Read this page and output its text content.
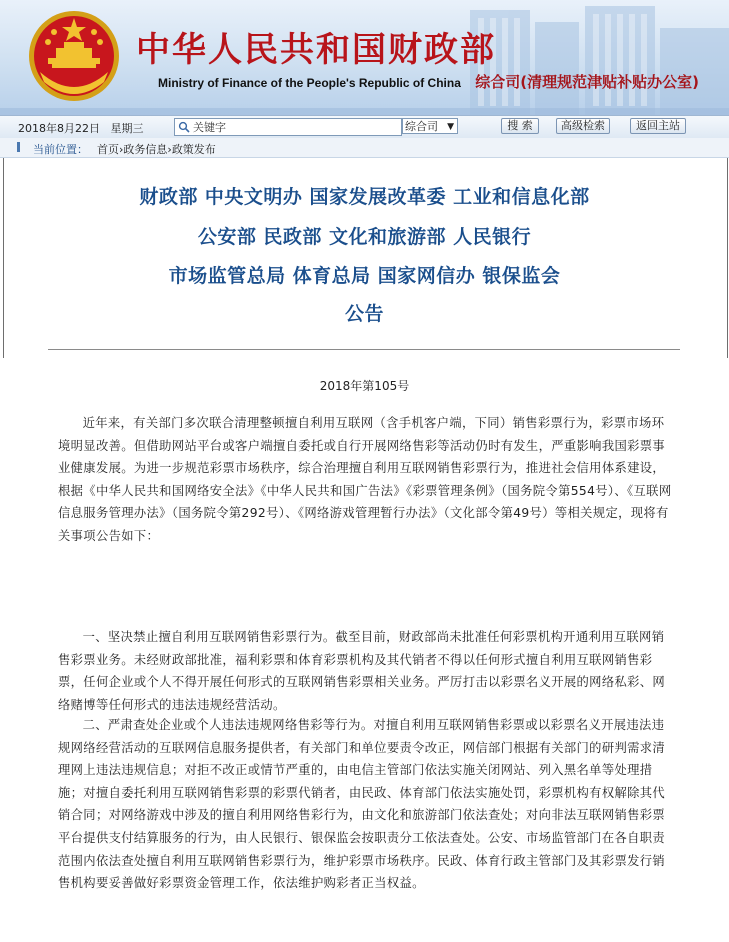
中华人民共和国财政部
Ministry of Finance of the People's Republic of China 综合司(清理规范津贴补贴办公室)
2018年8月22日 星期三
关键字	综合司 ▼	搜 索	高级检索	返回主站
当前位置： 首页›政务信息›政策发布
财政部 中央文明办 国家发展改革委 工业和信息化部
公安部 民政部 文化和旅游部 人民银行
市场监管总局 体育总局 国家网信办 银保监会
公告
2018年第105号

近年来，有关部门多次联合清理整顿擅自利用互联网（含手机客户端，下同）销售彩票行为，彩票市场环境明显改善。但借助网站平台或客户端擅自委托或自行开展网络售彩等活动仍时有发生，严重影响我国彩票事业健康发展。为进一步规范彩票市场秩序，综合治理擅自利用互联网销售彩票行为，推进社会信用体系建设，根据《中华人民共和国网络安全法》《中华人民共和国广告法》《彩票管理条例》（国务院令第554号）、《互联网信息服务管理办法》（国务院令第292号）、《网络游戏管理暂行办法》（文化部令第49号）等相关规定，现将有关事项公告如下：

一、坚决禁止擅自利用互联网销售彩票行为。截至目前，财政部尚未批准任何彩票机构开通利用互联网销售彩票业务。未经财政部批准，福利彩票和体育彩票机构及其代销者不得以任何形式擅自利用互联网销售彩票，任何企业或个人不得开展任何形式的互联网销售彩票相关业务。严厉打击以彩票名义开展的网络私彩、网络赌博等任何形式的违法违规经营活动。

二、严肃查处企业或个人违法违规网络售彩等行为。对擅自利用互联网销售彩票或以彩票名义开展违法违规网络经营活动的互联网信息服务提供者，有关部门和单位要责令改正，网信部门根据有关部门的研判需求清理网上违法违规信息；对拒不改正或情节严重的，由电信主管部门依法实施关闭网站、列入黑名单等处理措施；对擅自委托利用互联网销售彩票的彩票代销者，由民政、体育部门依法实施处罚，彩票机构有权解除其代销合同；对网络游戏中涉及的擅自利用网络售彩行为，由文化和旅游部门依法查处；对向非法互联网销售彩票平台提供支付结算服务的行为，由人民银行、银保监会按职责分工依法查处。公安、市场监管部门在各自职责范围内依法查处擅自利用互联网销售彩票行为，维护彩票市场秩序。民政、体育行政主管部门及其彩票发行销售机构要妥善做好彩票资金管理工作，依法维护购彩者正当权益。
